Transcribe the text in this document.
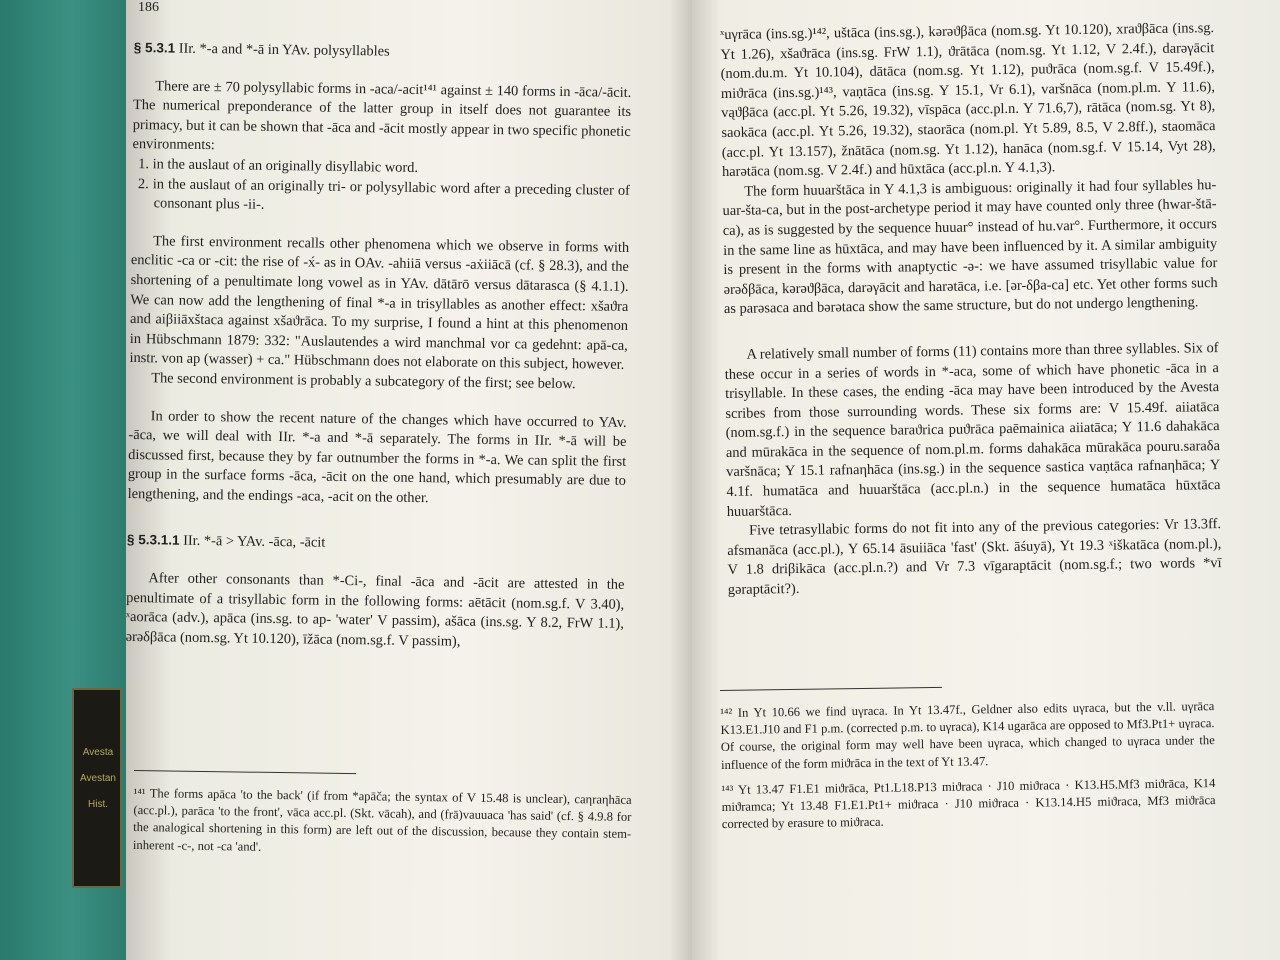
Avesta
Avestan
Hist.
186
§ 5.3.1 IIr. *-a and *-ā in YAv. polysyllables

There are ± 70 polysyllabic forms in -aca/-acit¹⁴¹ against ± 140 forms in -āca/-ācit. The numerical preponderance of the latter group in itself does not guarantee its primacy, but it can be shown that -āca and -ācit mostly appear in two specific phonetic environments:

1. in the auslaut of an originally disyllabic word.

2. in the auslaut of an originally tri- or polysyllabic word after a preceding cluster of consonant plus -ii-.

The first environment recalls other phenomena which we observe in forms with enclitic -ca or -cit: the rise of -x́- as in OAv. -ahiiā versus -aẋiiācā (cf. § 28.3), and the shortening of a penultimate long vowel as in YAv. dātārō versus dātarasca (§ 4.1.1). We can now add the lengthening of final *-a in trisyllables as another effect: xšaϑra and aiβiiāxštaca against xšaϑrāca. To my surprise, I found a hint at this phenomenon in Hübschmann 1879: 332: "Auslautendes a wird manchmal vor ca gedehnt: apā-ca, instr. von ap (wasser) + ca." Hübschmann does not elaborate on this subject, however.

The second environment is probably a subcategory of the first; see below.

In order to show the recent nature of the changes which have occurred to YAv. -āca, we will deal with IIr. *-a and *-ā separately. The forms in IIr. *-ā will be discussed first, because they by far outnumber the forms in *-a. We can split the first group in the surface forms -āca, -ācit on the one hand, which presumably are due to lengthening, and the endings -aca, -acit on the other.

§ 5.3.1.1 IIr. *-ā > YAv. -āca, -ācit

After other consonants than *-Ci-, final -āca and -ācit are attested in the penultimate of a trisyllabic form in the following forms: aētācit (nom.sg.f. V 3.40), ˣaorāca (adv.), apāca (ins.sg. to ap- 'water' V passim), ašāca (ins.sg. Y 8.2, FrW 1.1), ərəδβāca (nom.sg. Yt 10.120), īžāca (nom.sg.f. V passim),

¹⁴¹ The forms apāca 'to the back' (if from *apāča; the syntax of V 15.48 is unclear), caηraηhāca (acc.pl.), parāca 'to the front', vāca acc.pl. (Skt. vācah), and (frā)vauuaca 'has said' (cf. § 4.9.8 for the analogical shortening in this form) are left out of the discussion, because they contain stem-inherent -c-, not -ca 'and'.

ˣuγrāca (ins.sg.)¹⁴², uštāca (ins.sg.), kərəϑβāca (nom.sg. Yt 10.120), xraϑβāca (ins.sg. Yt 1.26), xšaϑrāca (ins.sg. FrW 1.1), ϑrātāca (nom.sg. Yt 1.12, V 2.4f.), darəγācit (nom.du.m. Yt 10.104), dātāca (nom.sg. Yt 1.12), puϑrāca (nom.sg.f. V 15.49f.), miϑrāca (ins.sg.)¹⁴³, vaṇtāca (ins.sg. Y 15.1, Vr 6.1), varšnāca (nom.pl.m. Y 11.6), vąϑβāca (acc.pl. Yt 5.26, 19.32), vīspāca (acc.pl.n. Y 71.6,7), rātāca (nom.sg. Yt 8), saokāca (acc.pl. Yt 5.26, 19.32), staorāca (nom.pl. Yt 5.89, 8.5, V 2.8ff.), staomāca (acc.pl. Yt 13.157), žnātāca (nom.sg. Yt 1.12), hanāca (nom.sg.f. V 15.14, Vyt 28), harətāca (nom.sg. V 2.4f.) and hūxtāca (acc.pl.n. Y 4.1,3).

The form huuarštāca in Y 4.1,3 is ambiguous: originally it had four syllables hu-uar-šta-ca, but in the post-archetype period it may have counted only three (hwar-štā-ca), as is suggested by the sequence huuar° instead of hu.var°. Furthermore, it occurs in the same line as hūxtāca, and may have been influenced by it. A similar ambiguity is present in the forms with anaptyctic -ə-: we have assumed trisyllabic value for ərəδβāca, kərəϑβāca, darəγācit and harətāca, i.e. [ər-δβa-ca] etc. Yet other forms such as parəsaca and bərətaca show the same structure, but do not undergo lengthening.

A relatively small number of forms (11) contains more than three syllables. Six of these occur in a series of words in *-aca, some of which have phonetic -āca in a trisyllable. In these cases, the ending -āca may have been introduced by the Avesta scribes from those surrounding words. These six forms are: V 15.49f. aiiatāca (nom.sg.f.) in the sequence baraϑrica puϑrāca paēmainica aiiatāca; Y 11.6 dahakāca and mūrakāca in the sequence of nom.pl.m. forms dahakāca mūrakāca pouru.saraδa varšnāca; Y 15.1 rafnaηhāca (ins.sg.) in the sequence sastica vaṇtāca rafnaηhāca; Y 4.1f. humatāca and huuarštāca (acc.pl.n.) in the sequence humatāca hūxtāca huuarštāca.

Five tetrasyllabic forms do not fit into any of the previous categories: Vr 13.3ff. afsmanāca (acc.pl.), Y 65.14 āsuiiāca 'fast' (Skt. āśuyā), Yt 19.3 ˣiškatāca (nom.pl.), V 1.8 driβikāca (acc.pl.n.?) and Vr 7.3 vīgaraptācit (nom.sg.f.; two words *vī gəraptācit?).

¹⁴² In Yt 10.66 we find uγraca. In Yt 13.47f., Geldner also edits uγraca, but the v.ll. uγrāca K13.E1.J10 and F1 p.m. (corrected p.m. to uγraca), K14 ugarāca are opposed to Mf3.Pt1+ uγraca. Of course, the original form may well have been uγraca, which changed to uγraca under the influence of the form miϑrāca in the text of Yt 13.47.

¹⁴³ Yt 13.47 F1.E1 miϑrāca, Pt1.L18.P13 miϑraca · J10 miϑraca · K13.H5.Mf3 miϑrāca, K14 miϑramca; Yt 13.48 F1.E1.Pt1+ miϑraca · J10 miϑraca · K13.14.H5 miϑraca, Mf3 miϑrāca corrected by erasure to miϑraca.
